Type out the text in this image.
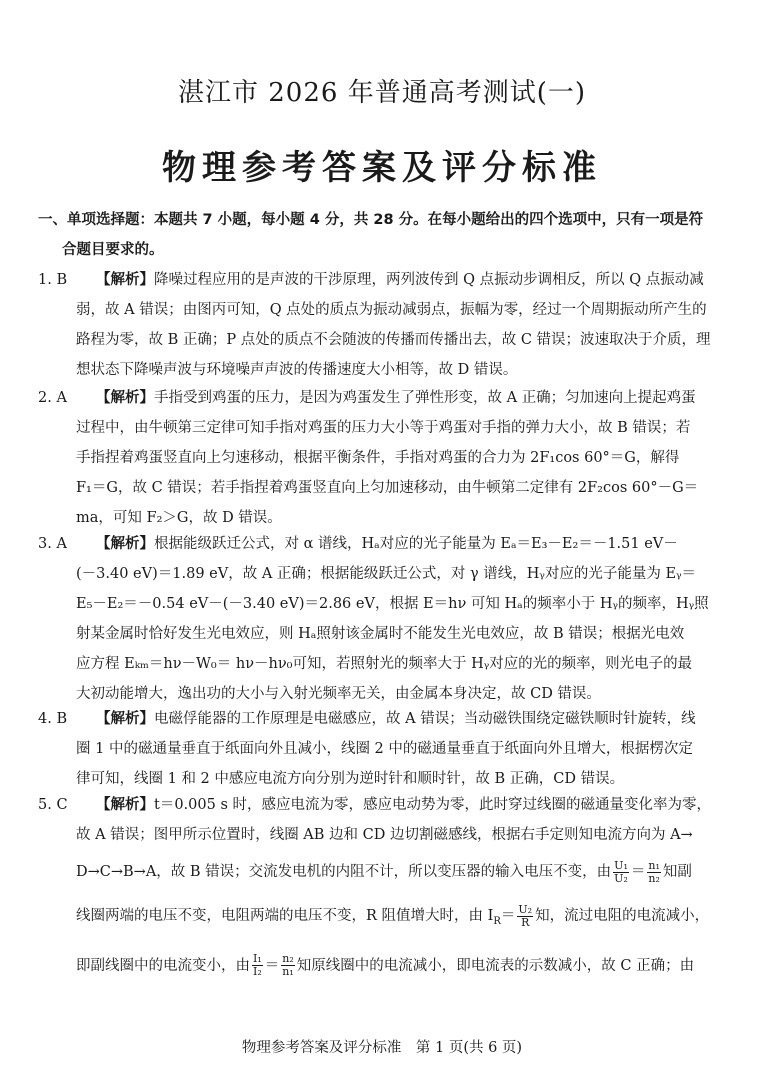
湛江市 2026 年普通高考测试(一)
物理参考答案及评分标准
一、单项选择题：本题共 7 小题，每小题 4 分，共 28 分。在每小题给出的四个选项中，只有一项是符
合题目要求的。
1. B 【解析】降噪过程应用的是声波的干涉原理，两列波传到 Q 点振动步调相反，所以 Q 点振动减
弱，故 A 错误；由图丙可知，Q 点处的质点为振动减弱点，振幅为零，经过一个周期振动所产生的
路程为零，故 B 正确；P 点处的质点不会随波的传播而传播出去，故 C 错误；波速取决于介质，理
想状态下降噪声波与环境噪声声波的传播速度大小相等，故 D 错误。
2. A 【解析】手指受到鸡蛋的压力，是因为鸡蛋发生了弹性形变，故 A 正确；匀加速向上提起鸡蛋
过程中，由牛顿第三定律可知手指对鸡蛋的压力大小等于鸡蛋对手指的弹力大小，故 B 错误；若
手指捏着鸡蛋竖直向上匀速移动，根据平衡条件，手指对鸡蛋的合力为 2F₁cos 60°＝G，解得
F₁＝G，故 C 错误；若手指捏着鸡蛋竖直向上匀加速移动，由牛顿第二定律有 2F₂cos 60°－G＝
ma，可知 F₂＞G，故 D 错误。
3. A 【解析】根据能级跃迁公式，对 α 谱线，Hₐ对应的光子能量为 Eₐ＝E₃－E₂＝－1.51 eV－
(－3.40 eV)＝1.89 eV，故 A 正确；根据能级跃迁公式，对 γ 谱线，Hᵧ对应的光子能量为 Eᵧ＝
E₅－E₂＝－0.54 eV－(－3.40 eV)＝2.86 eV，根据 E＝hν 可知 Hₐ的频率小于 Hᵧ的频率，Hᵧ照
射某金属时恰好发生光电效应，则 Hₐ照射该金属时不能发生光电效应，故 B 错误；根据光电效
应方程 Eₖₘ＝hν－W₀＝ hν－hν₀可知，若照射光的频率大于 Hᵧ对应的光的频率，则光电子的最
大初动能增大，逸出功的大小与入射光频率无关，由金属本身决定，故 CD 错误。
4. B 【解析】电磁俘能器的工作原理是电磁感应，故 A 错误；当动磁铁围绕定磁铁顺时针旋转，线
圈 1 中的磁通量垂直于纸面向外且减小，线圈 2 中的磁通量垂直于纸面向外且增大，根据楞次定
律可知，线圈 1 和 2 中感应电流方向分别为逆时针和顺时针，故 B 正确，CD 错误。
5. C 【解析】t＝0.005 s 时，感应电流为零，感应电动势为零，此时穿过线圈的磁通量变化率为零，
故 A 错误；图甲所示位置时，线圈 AB 边和 CD 边切割磁感线，根据右手定则知电流方向为 A→
D→C→B→A，故 B 错误；交流发电机的内阻不计，所以变压器的输入电压不变，由 $\frac{\text{U₁}}{\text{U₂}} = \frac{\text{n₁}}{\text{n₂}}$ 知副
线圈两端的电压不变，电阻两端的电压不变，R 阻值增大时，由 $I_R= \frac{\text{U₂}}{R}$ 知，流过电阻的电流减小，
即副线圈中的电流变小，由 $\frac{\text{I₁}}{\text{I₂}} = \frac{\text{n₂}}{\text{n₁}}$ 知原线圈中的电流减小，即电流表的示数减小，故 C 正确；由
物理参考答案及评分标准　第 1 页(共 6 页)
